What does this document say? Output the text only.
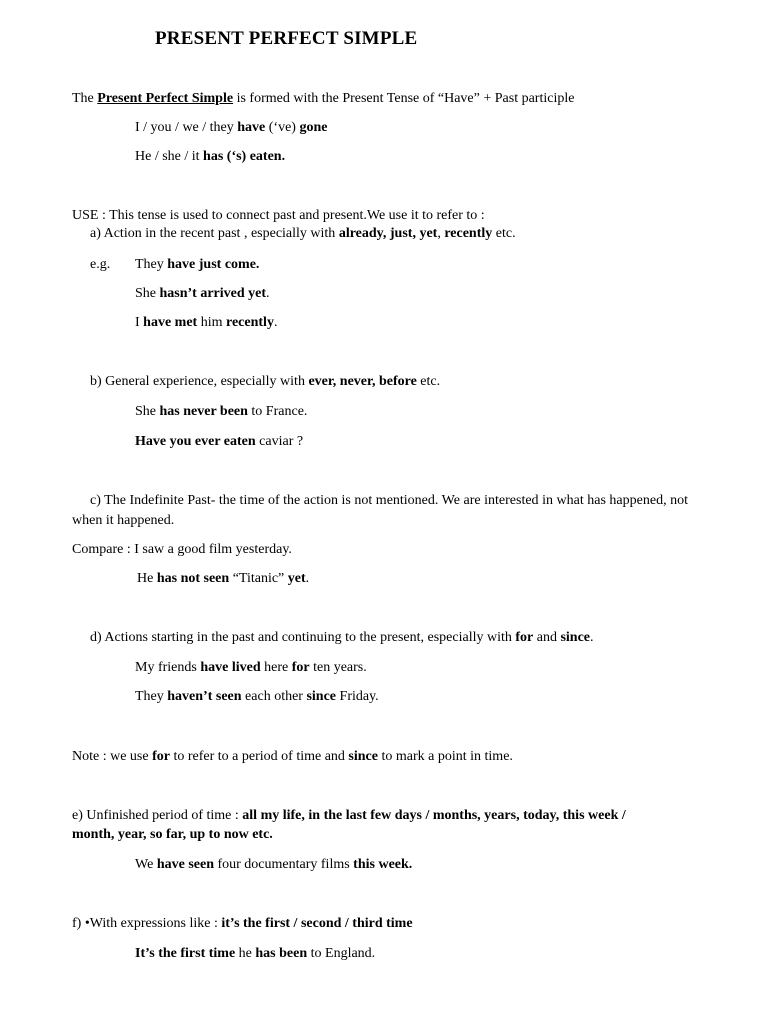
PRESENT PERFECT SIMPLE
The Present Perfect Simple is formed with the Present Tense of “Have” + Past participle
I / you / we / they have (‘ve) gone
He / she / it has (‘s) eaten.
USE : This tense is used to connect past and present.We use it to refer to :
a) Action in the recent past , especially with already, just, yet, recently etc.
e.g. They have just come.
She hasn’t arrived yet.
I have met him recently.
b) General experience, especially with ever, never, before etc.
She has never been to France.
Have you ever eaten caviar ?
c) The Indefinite Past- the time of the action is not mentioned. We are interested in what has happened, not when it happened.
Compare : I saw a good film yesterday.
He has not seen “Titanic” yet.
d) Actions starting in the past and continuing to the present, especially with for and since.
My friends have lived here for ten years.
They haven’t seen each other since Friday.
Note : we use for to refer to a period of time and since to mark a point in time.
e) Unfinished period of time : all my life, in the last few days / months, years, today, this week /
month, year, so far, up to now etc.
We have seen four documentary films this week.
f) •With expressions like : it’s the first / second / third time
It’s the first time he has been to England.
